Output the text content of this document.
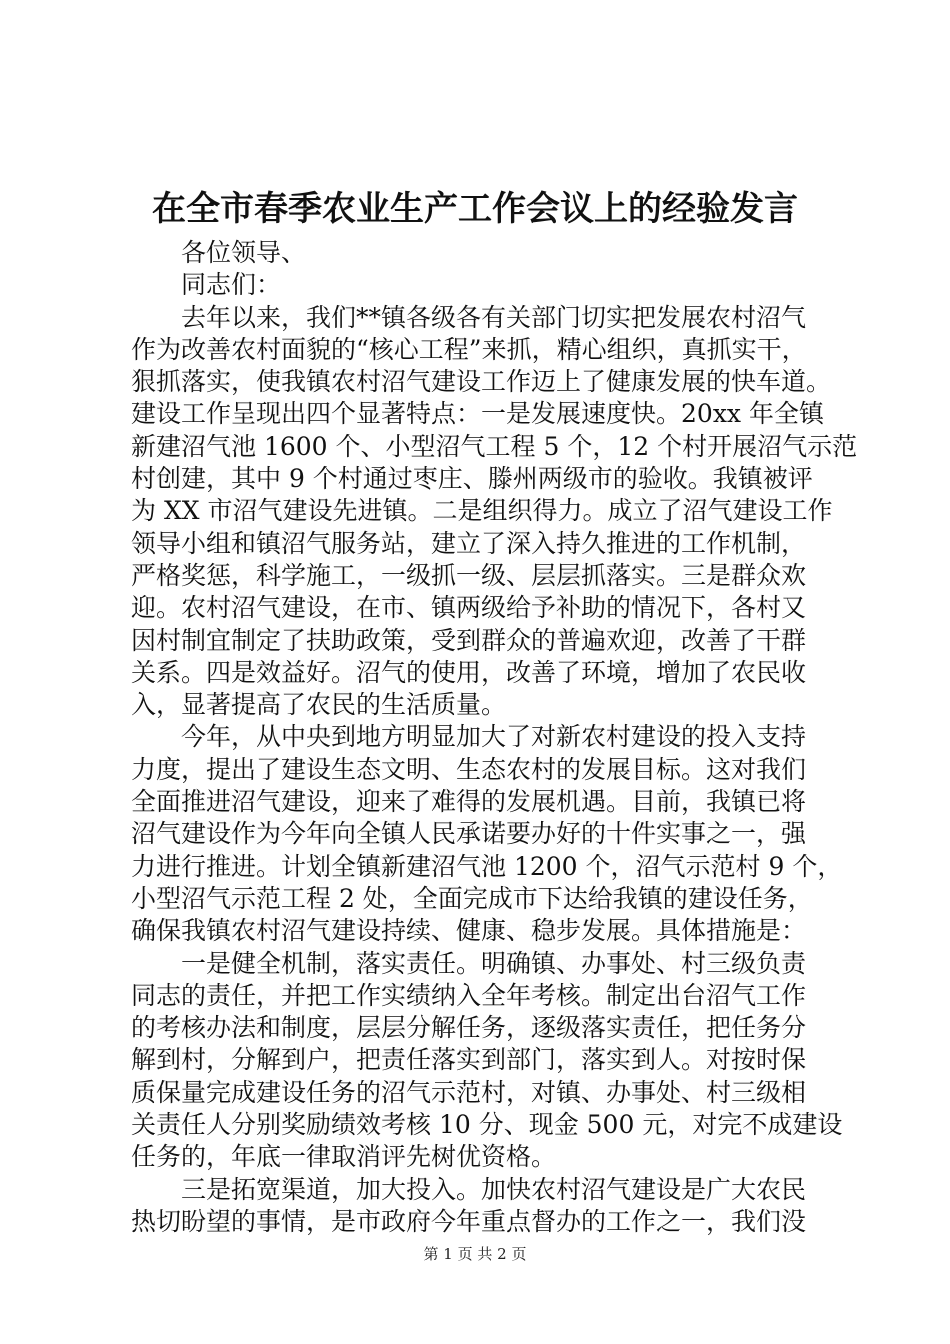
在全市春季农业生产工作会议上的经验发言

各位领导、

同志们：

去年以来，我们**镇各级各有关部门切实把发展农村沼气

作为改善农村面貌的“核心工程”来抓，精心组织，真抓实干，

狠抓落实，使我镇农村沼气建设工作迈上了健康发展的快车道。

建设工作呈现出四个显著特点：一是发展速度快。20xx 年全镇

新建沼气池 1600 个、小型沼气工程 5 个，12 个村开展沼气示范

村创建，其中 9 个村通过枣庄、滕州两级市的验收。我镇被评

为 XX 市沼气建设先进镇。二是组织得力。成立了沼气建设工作

领导小组和镇沼气服务站，建立了深入持久推进的工作机制，

严格奖惩，科学施工，一级抓一级、层层抓落实。三是群众欢

迎。农村沼气建设，在市、镇两级给予补助的情况下，各村又

因村制宜制定了扶助政策，受到群众的普遍欢迎，改善了干群

关系。四是效益好。沼气的使用，改善了环境，增加了农民收

入，显著提高了农民的生活质量。

今年，从中央到地方明显加大了对新农村建设的投入支持

力度，提出了建设生态文明、生态农村的发展目标。这对我们

全面推进沼气建设，迎来了难得的发展机遇。目前，我镇已将

沼气建设作为今年向全镇人民承诺要办好的十件实事之一，强

力进行推进。计划全镇新建沼气池 1200 个，沼气示范村 9 个，

小型沼气示范工程 2 处，全面完成市下达给我镇的建设任务，

确保我镇农村沼气建设持续、健康、稳步发展。具体措施是：

一是健全机制，落实责任。明确镇、办事处、村三级负责

同志的责任，并把工作实绩纳入全年考核。制定出台沼气工作

的考核办法和制度，层层分解任务，逐级落实责任，把任务分

解到村，分解到户，把责任落实到部门，落实到人。对按时保

质保量完成建设任务的沼气示范村，对镇、办事处、村三级相

关责任人分别奖励绩效考核 10 分、现金 500 元，对完不成建设

任务的，年底一律取消评先树优资格。

三是拓宽渠道，加大投入。加快农村沼气建设是广大农民

热切盼望的事情，是市政府今年重点督办的工作之一，我们没

第 1 页 共 2 页
